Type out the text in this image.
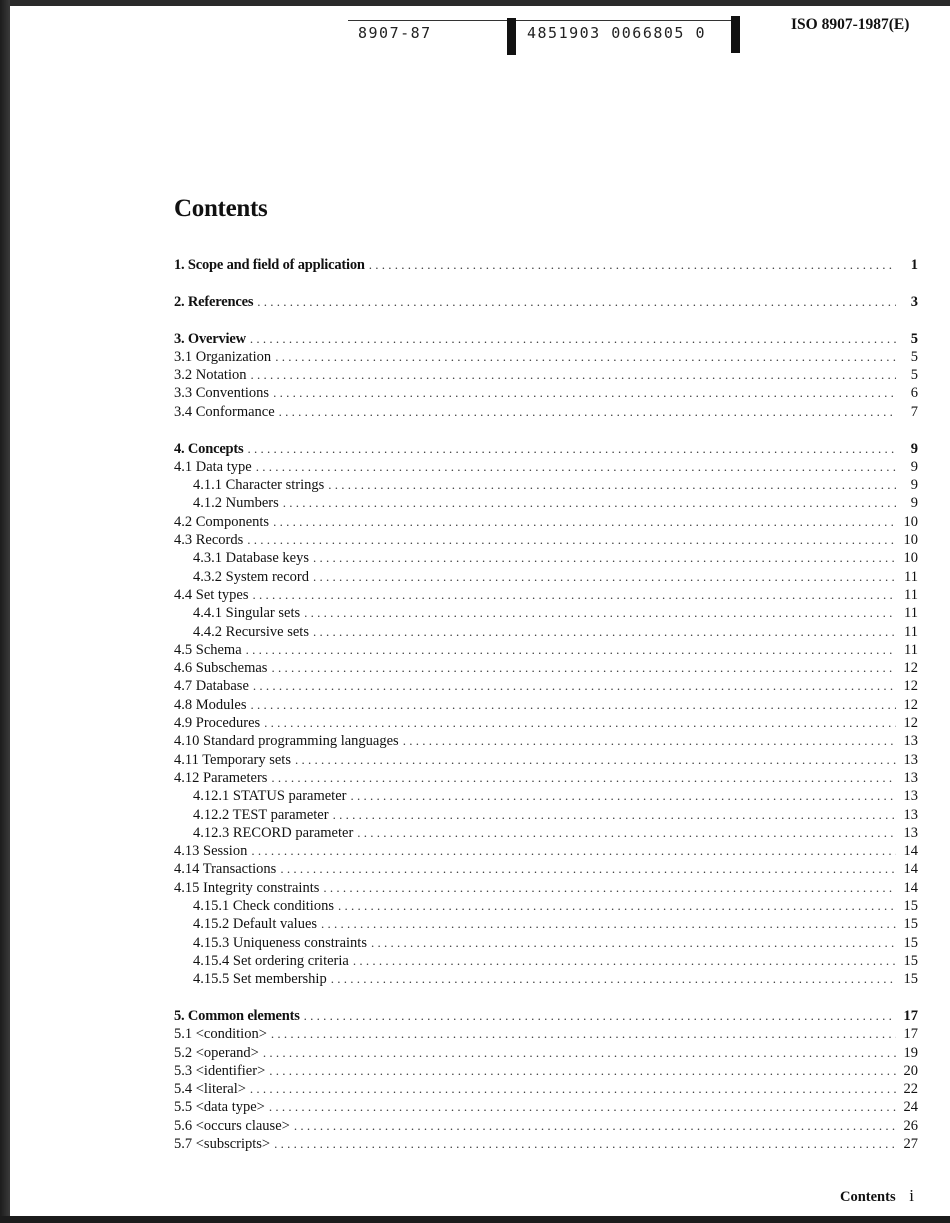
8907-87	4851903 0066805 0	ISO 8907-1987(E)
Contents
1. Scope and field of application . . .	1
2. References . . .	3
3. Overview . . .	5
3.1 Organization . . .	5
3.2 Notation . . .	5
3.3 Conventions . . .	6
3.4 Conformance . . .	7
4. Concepts . . .	9
4.1 Data type . . .	9
4.1.1 Character strings . . .	9
4.1.2 Numbers . . .	9
4.2 Components . . .	10
4.3 Records . . .	10
4.3.1 Database keys . . .	10
4.3.2 System record . . .	11
4.4 Set types . . .	11
4.4.1 Singular sets . . .	11
4.4.2 Recursive sets . . .	11
4.5 Schema . . .	11
4.6 Subschemas . . .	12
4.7 Database . . .	12
4.8 Modules . . .	12
4.9 Procedures . . .	12
4.10 Standard programming languages . . .	13
4.11 Temporary sets . . .	13
4.12 Parameters . . .	13
4.12.1 STATUS parameter . . .	13
4.12.2 TEST parameter . . .	13
4.12.3 RECORD parameter . . .	13
4.13 Session . . .	14
4.14 Transactions . . .	14
4.15 Integrity constraints . . .	14
4.15.1 Check conditions . . .	15
4.15.2 Default values . . .	15
4.15.3 Uniqueness constraints . . .	15
4.15.4 Set ordering criteria . . .	15
4.15.5 Set membership . . .	15
5. Common elements . . .	17
5.1 <condition> . . .	17
5.2 <operand> . . .	19
5.3 <identifier> . . .	20
5.4 <literal> . . .	22
5.5 <data type> . . .	24
5.6 <occurs clause> . . .	26
5.7 <subscripts> . . .	27
Contents i
